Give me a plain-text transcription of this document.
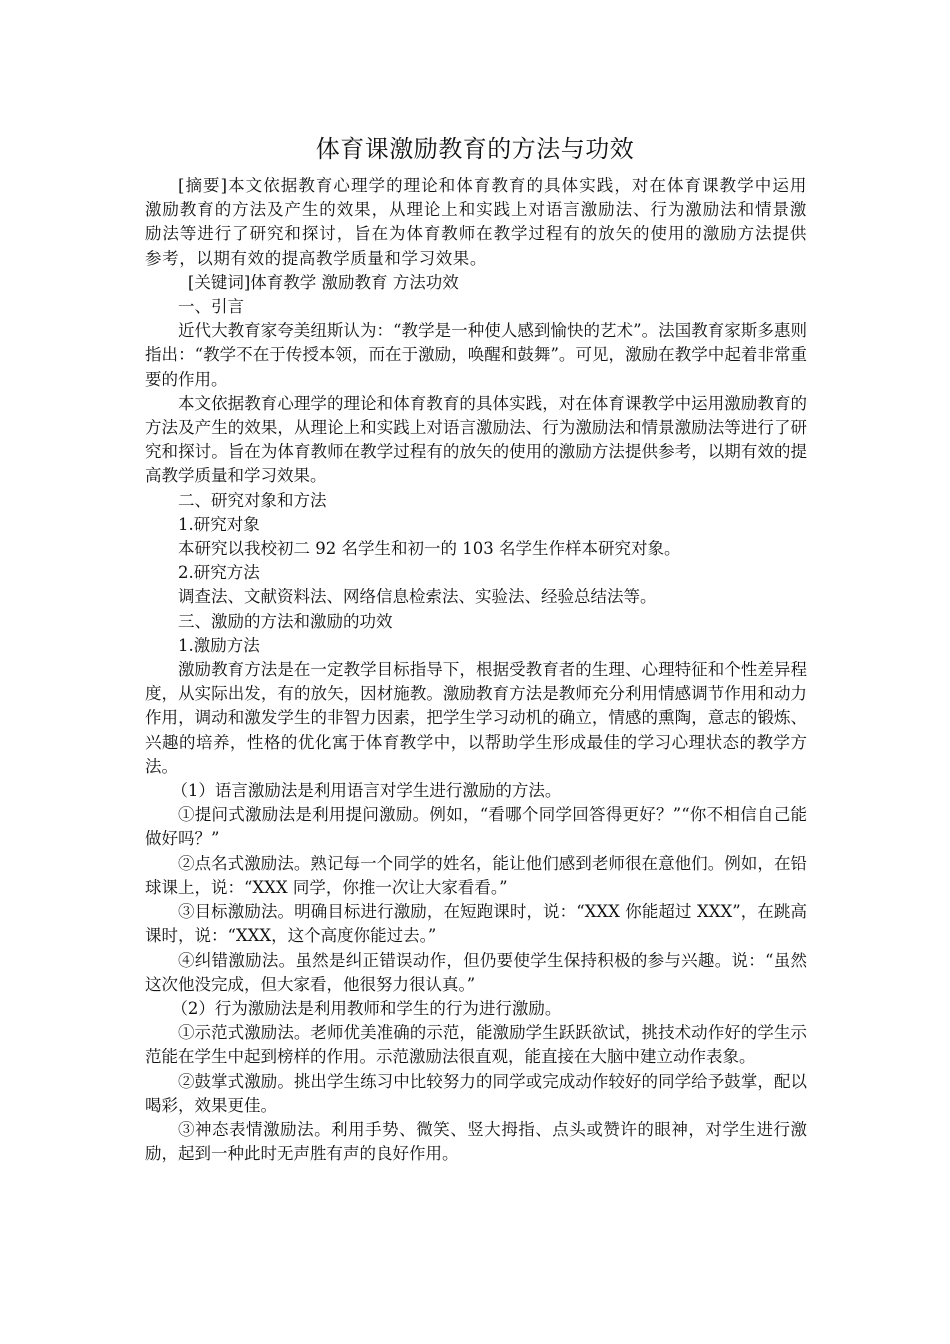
体育课激励教育的方法与功效

[摘要]本文依据教育心理学的理论和体育教育的具体实践，对在体育课教学中运用激励教育的方法及产生的效果，从理论上和实践上对语言激励法、行为激励法和情景激励法等进行了研究和探讨，旨在为体育教师在教学过程有的放矢的使用的激励方法提供参考，以期有效的提高教学质量和学习效果。

[关键词]体育教学 激励教育 方法功效

一、引言

近代大教育家夸美纽斯认为：“教学是一种使人感到愉快的艺术”。法国教育家斯多惠则指出：“教学不在于传授本领，而在于激励，唤醒和鼓舞”。可见，激励在教学中起着非常重要的作用。

本文依据教育心理学的理论和体育教育的具体实践，对在体育课教学中运用激励教育的方法及产生的效果，从理论上和实践上对语言激励法、行为激励法和情景激励法等进行了研究和探讨。旨在为体育教师在教学过程有的放矢的使用的激励方法提供参考，以期有效的提高教学质量和学习效果。

二、研究对象和方法

1.研究对象

本研究以我校初二 92 名学生和初一的 103 名学生作样本研究对象。

2.研究方法

调查法、文献资料法、网络信息检索法、实验法、经验总结法等。

三、激励的方法和激励的功效

1.激励方法

激励教育方法是在一定教学目标指导下，根据受教育者的生理、心理特征和个性差异程度，从实际出发，有的放矢，因材施教。激励教育方法是教师充分利用情感调节作用和动力作用，调动和激发学生的非智力因素，把学生学习动机的确立，情感的熏陶，意志的锻炼、兴趣的培养，性格的优化寓于体育教学中，以帮助学生形成最佳的学习心理状态的教学方法。

（1）语言激励法是利用语言对学生进行激励的方法。

①提问式激励法是利用提问激励。例如，“看哪个同学回答得更好？”“你不相信自己能做好吗？”

②点名式激励法。熟记每一个同学的姓名，能让他们感到老师很在意他们。例如，在铅球课上，说：“XXX 同学，你推一次让大家看看。”

③目标激励法。明确目标进行激励，在短跑课时，说：“XXX 你能超过 XXX”，在跳高课时，说：“XXX，这个高度你能过去。”

④纠错激励法。虽然是纠正错误动作，但仍要使学生保持积极的参与兴趣。说：“虽然这次他没完成，但大家看，他很努力很认真。”

（2）行为激励法是利用教师和学生的行为进行激励。

①示范式激励法。老师优美准确的示范，能激励学生跃跃欲试，挑技术动作好的学生示范能在学生中起到榜样的作用。示范激励法很直观，能直接在大脑中建立动作表象。

②鼓掌式激励。挑出学生练习中比较努力的同学或完成动作较好的同学给予鼓掌，配以喝彩，效果更佳。

③神态表情激励法。利用手势、微笑、竖大拇指、点头或赞许的眼神，对学生进行激励，起到一种此时无声胜有声的良好作用。
